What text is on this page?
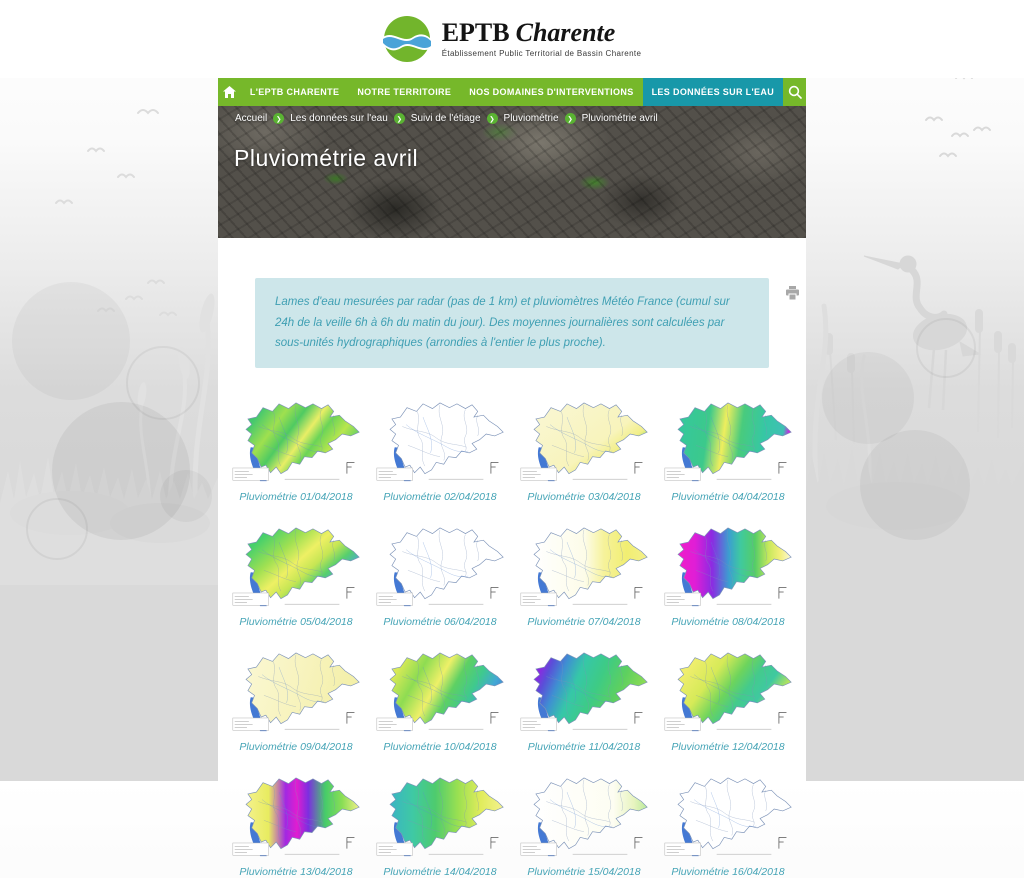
EPTB Charente
Établissement Public Territorial de Bassin Charente
L'EPTB CHARENTE	NOTRE TERRITOIRE	NOS DOMAINES D'INTERVENTIONS	LES DONNÉES SUR L'EAU
Accueil	❯ Les données sur l'eau	❯ Suivi de l'étiage	❯ Pluviométrie	❯ Pluviométrie avril
Pluviométrie avril
Lames d'eau mesurées par radar (pas de 1 km) et pluviomètres Météo France (cumul sur 24h de la veille 6h à 6h du matin du jour). Des moyennes journalières sont calculées par sous-unités hydrographiques (arrondies à l'entier le plus proche).
Pluviométrie 01/04/2018	Pluviométrie 02/04/2018	Pluviométrie 03/04/2018	Pluviométrie 04/04/2018
Pluviométrie 05/04/2018	Pluviométrie 06/04/2018	Pluviométrie 07/04/2018	Pluviométrie 08/04/2018
Pluviométrie 09/04/2018	Pluviométrie 10/04/2018	Pluviométrie 11/04/2018	Pluviométrie 12/04/2018
Pluviométrie 13/04/2018	Pluviométrie 14/04/2018	Pluviométrie 15/04/2018	Pluviométrie 16/04/2018
